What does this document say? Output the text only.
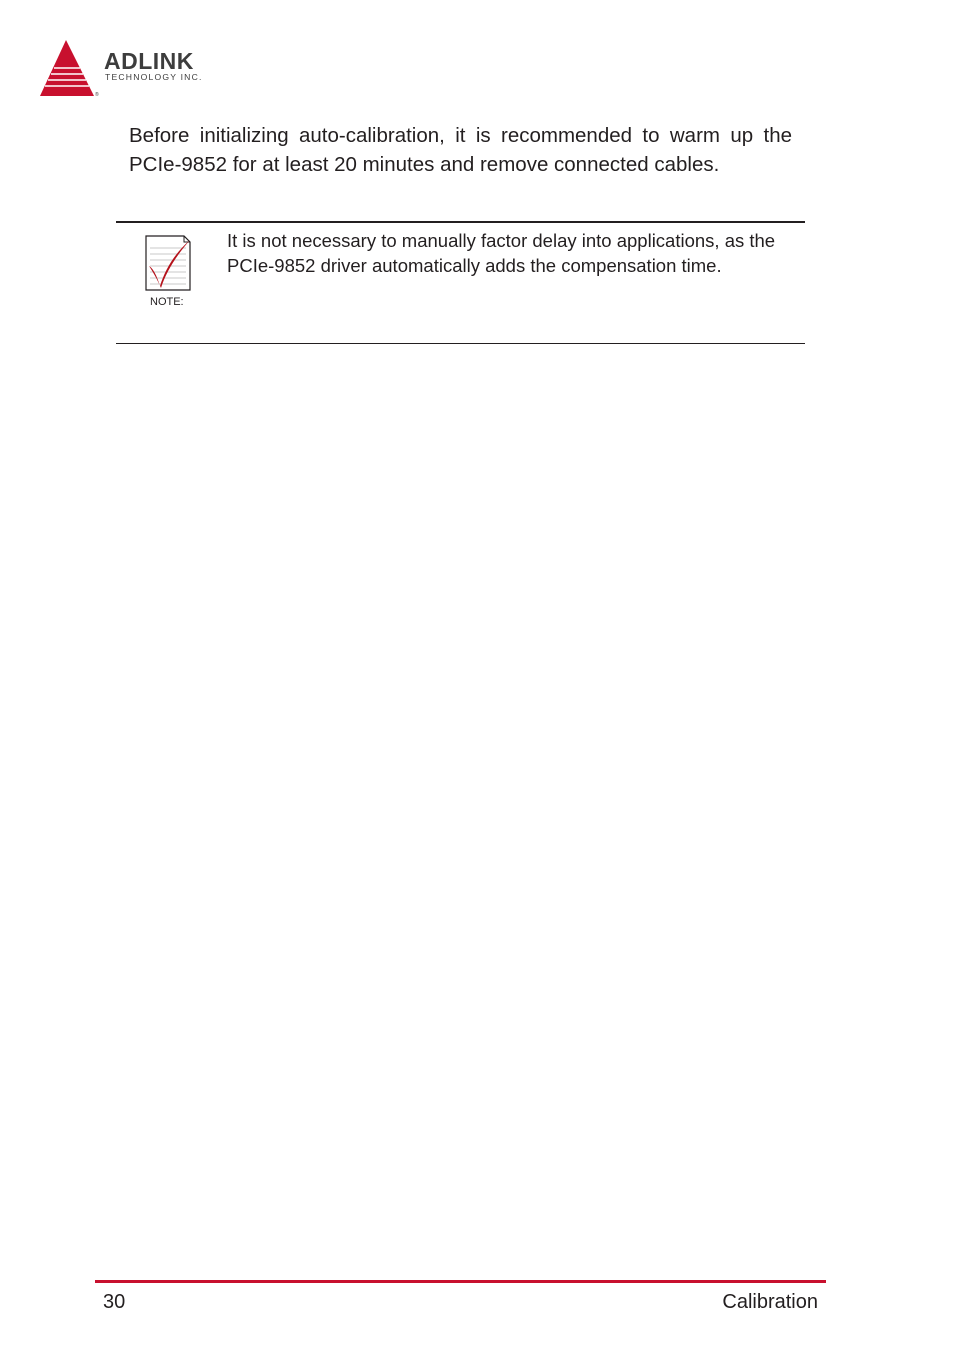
®
ADLINK
TECHNOLOGY INC.

Before initializing auto-calibration, it is recommended to warm up the PCIe-9852 for at least 20 minutes and remove connected cables.

NOTE:

It is not necessary to manually factor delay into applications, as the PCIe-9852 driver automatically adds the compensation time.

30	Calibration
